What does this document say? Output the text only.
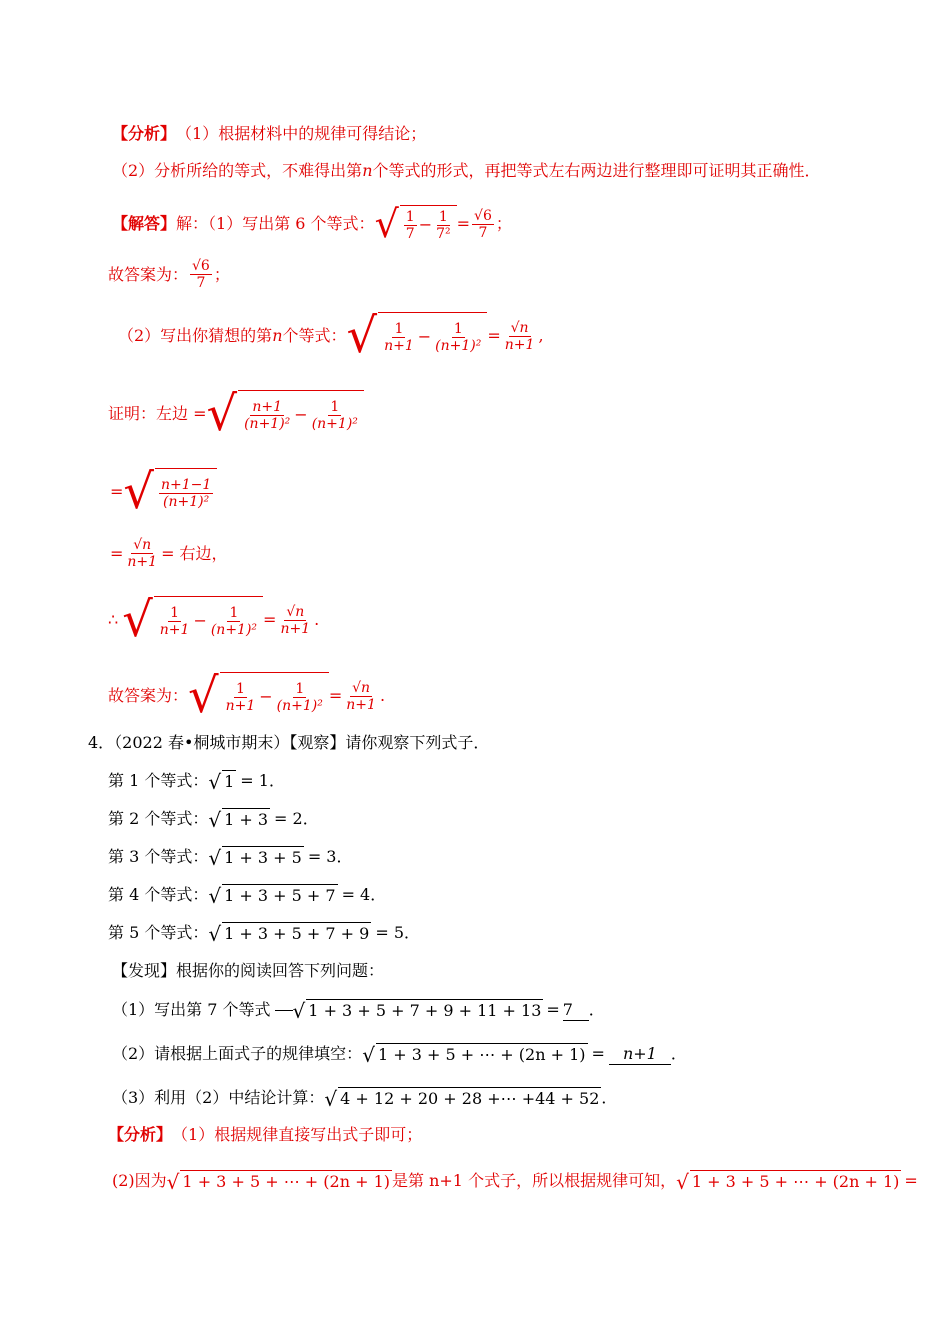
【分析】 （1）根据材料中的规律可得结论；
（2）分析所给的等式，不难得出第 n 个等式的形式，再把等式左右两边进行整理即可证明其正确性．
【解答】 解：（1）写出第 6 个等式： √ $\frac{1}{7} - \frac{1}{\text{7²}} = \frac{√6}{7}$ ；
故答案为： $\frac{√6}{7}$ ；
（2）写出你猜想的第 n 个等式： √ $\frac{1}{n+1} - \frac{1}{\text{(n+1)²}} = \frac{√n}{n+1}$ ,
证明：左边 = √ $\frac{n+1}{\text{(n+1)²}} - \frac{1}{\text{(n+1)²}}$
= √ $\frac{n+1-1}{\text{(n+1)²}}$
= $\frac{√n}{n+1}$ = 右边，
∴ √ $\frac{1}{n+1} - \frac{1}{\text{(n+1)²}} = \frac{√n}{n+1}$ .
故答案为： √ $\frac{1}{n+1} - \frac{1}{\text{(n+1)²}} = \frac{√n}{n+1}$ .
4．（2022 春•桐城市期末）【观察】请你观察下列式子．
第 1 个等式： √ 1 = 1．
第 2 个等式： √ 1 + 3 = 2．
第 3 个等式： √ 1 + 3 + 5 = 3．
第 4 个等式： √ 1 + 3 + 5 + 7 = 4．
第 5 个等式： √ 1 + 3 + 5 + 7 + 9 = 5．
【发现】根据你的阅读回答下列问题：
（1）写出第 7 个等式 √ 1 + 3 + 5 + 7 + 9 + 11 + 13 = 7 ．
（2）请根据上面式子的规律填空： √ 1 + 3 + 5 + ⋯ + (2n + 1) =	n+1 ．
（3）利用（2）中结论计算： √ 4 + 12 + 20 + 28 +⋯ +44 + 52 ．
【分析】 （1）根据规律直接写出式子即可；
(2)因为 √ 1 + 3 + 5 + ⋯ + (2n + 1) 是第 n+1 个式子，所以根据规律可知， √ 1 + 3 + 5 + ⋯ + (2n + 1) =
